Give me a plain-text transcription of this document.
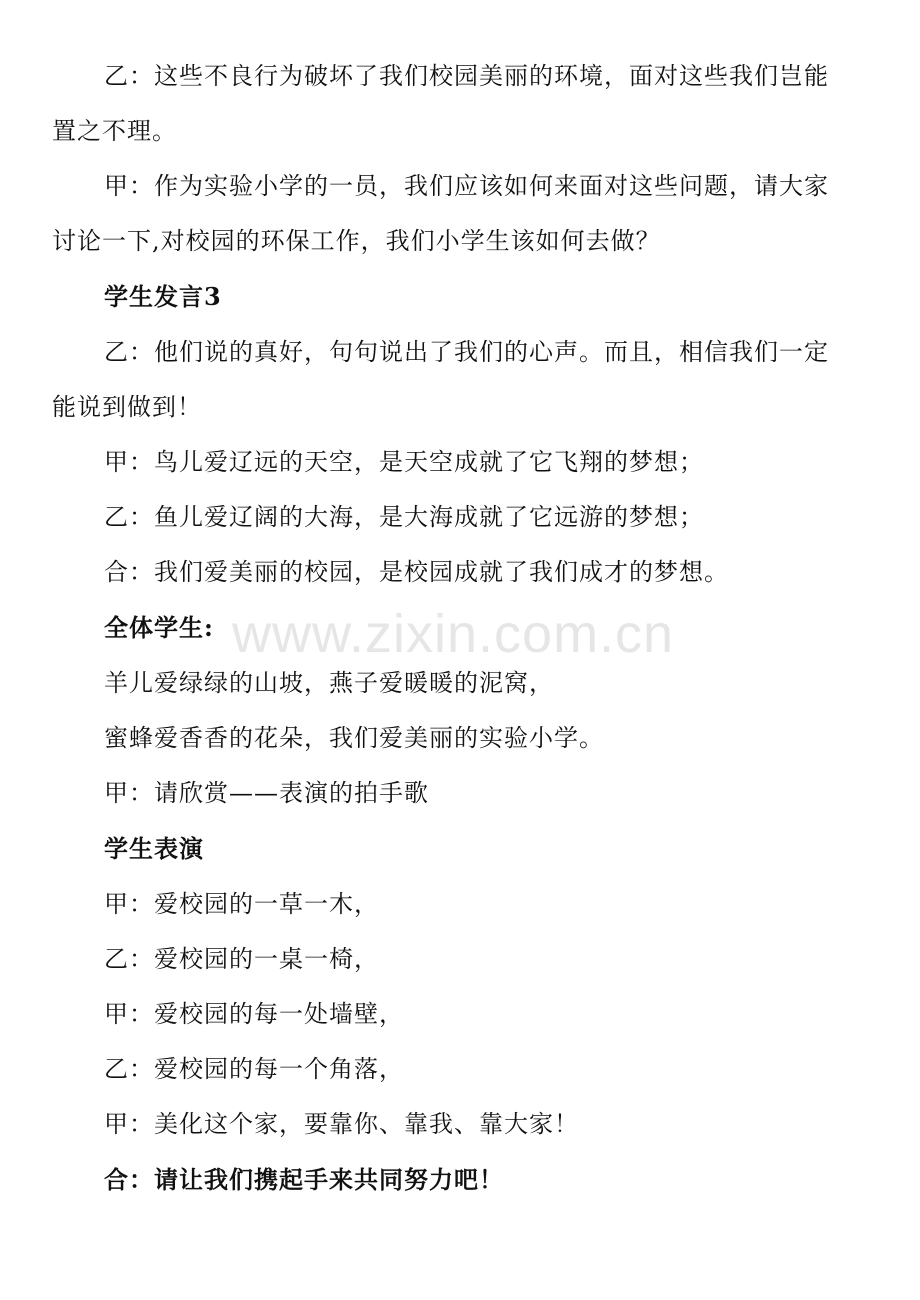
www.zixin.com.cn
乙：这些不良行为破坏了我们校园美丽的环境，面对这些我们岂能
置之不理。
甲：作为实验小学的一员，我们应该如何来面对这些问题，请大家
讨论一下,对校园的环保工作，我们小学生该如何去做？
学生发言3
乙：他们说的真好，句句说出了我们的心声。而且，相信我们一定
能说到做到！
甲：鸟儿爱辽远的天空，是天空成就了它飞翔的梦想；
乙：鱼儿爱辽阔的大海，是大海成就了它远游的梦想；
合：我们爱美丽的校园，是校园成就了我们成才的梦想。
全体学生:
羊儿爱绿绿的山坡，燕子爱暖暖的泥窝，
蜜蜂爱香香的花朵，我们爱美丽的实验小学。
甲：请欣赏——表演的拍手歌
学生表演
甲：爱校园的一草一木，
乙：爱校园的一桌一椅，
甲：爱校园的每一处墙壁，
乙：爱校园的每一个角落，
甲：美化这个家，要靠你、靠我、靠大家！
合：请让我们携起手来共同努力吧！
